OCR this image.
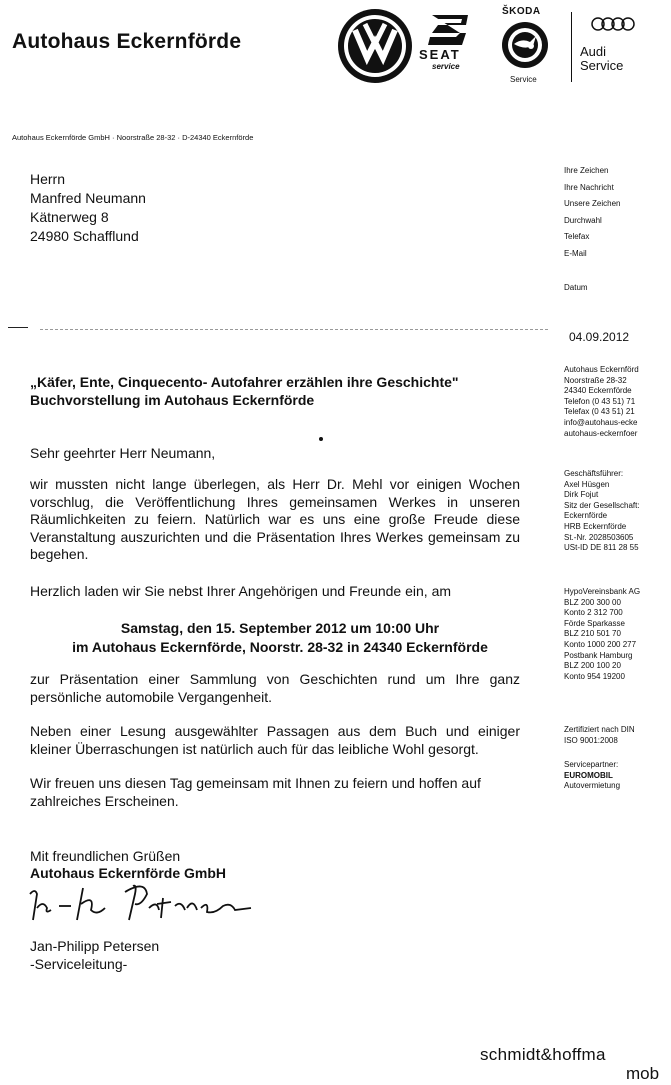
Autohaus Eckernförde
SEAT
service
ŠKODA
Service
Audi
Service
Autohaus Eckernförde GmbH · Noorstraße 28-32 · D-24340 Eckernförde
Herrn
Manfred Neumann
Kätnerweg 8
24980 Schafflund
Ihre Zeichen
Ihre Nachricht
Unsere Zeichen
Durchwahl
Telefax
E-Mail
Datum
04.09.2012
Autohaus Eckernförd
Noorstraße 28-32
24340 Eckernförde
Telefon (0 43 51) 71
Telefax (0 43 51) 21
info@autohaus-ecke
autohaus-eckernfoer
Geschäftsführer:
Axel Hüsgen
Dirk Fojut
Sitz der Gesellschaft:
Eckernförde
HRB Eckernförde
St.-Nr. 2028503605
USt-ID DE 811 28 55
HypoVereinsbank AG
BLZ 200 300 00
Konto 2 312 700
Förde Sparkasse
BLZ 210 501 70
Konto 1000 200 277
Postbank Hamburg
BLZ 200 100 20
Konto 954 19200
Zertifiziert nach DIN
ISO 9001:2008
Servicepartner:
EUROMOBIL
Autovermietung
„Käfer, Ente, Cinquecento- Autofahrer erzählen ihre Geschichte"
Buchvorstellung im Autohaus Eckernförde
Sehr geehrter Herr Neumann,
wir mussten nicht lange überlegen, als Herr Dr. Mehl vor einigen Wochen vorschlug, die Veröffentlichung Ihres gemeinsamen Werkes in unseren Räumlichkeiten zu feiern. Natürlich war es uns eine große Freude diese Veranstaltung auszurichten und die Präsentation Ihres Werkes gemeinsam zu begehen.
Herzlich laden wir Sie nebst Ihrer Angehörigen und Freunde ein, am
Samstag, den 15. September 2012 um 10:00 Uhr
im Autohaus Eckernförde, Noorstr. 28-32 in 24340 Eckernförde
zur Präsentation einer Sammlung von Geschichten rund um Ihre ganz persönliche automobile Vergangenheit.
Neben einer Lesung ausgewählter Passagen aus dem Buch und einiger kleiner Überraschungen ist natürlich auch für das leibliche Wohl gesorgt.
Wir freuen uns diesen Tag gemeinsam mit Ihnen zu feiern und hoffen auf zahlreiches Erscheinen.
Mit freundlichen Grüßen
Autohaus Eckernförde GmbH
Jan-Philipp Petersen
-Serviceleitung-
schmidt&hoffma
mob
